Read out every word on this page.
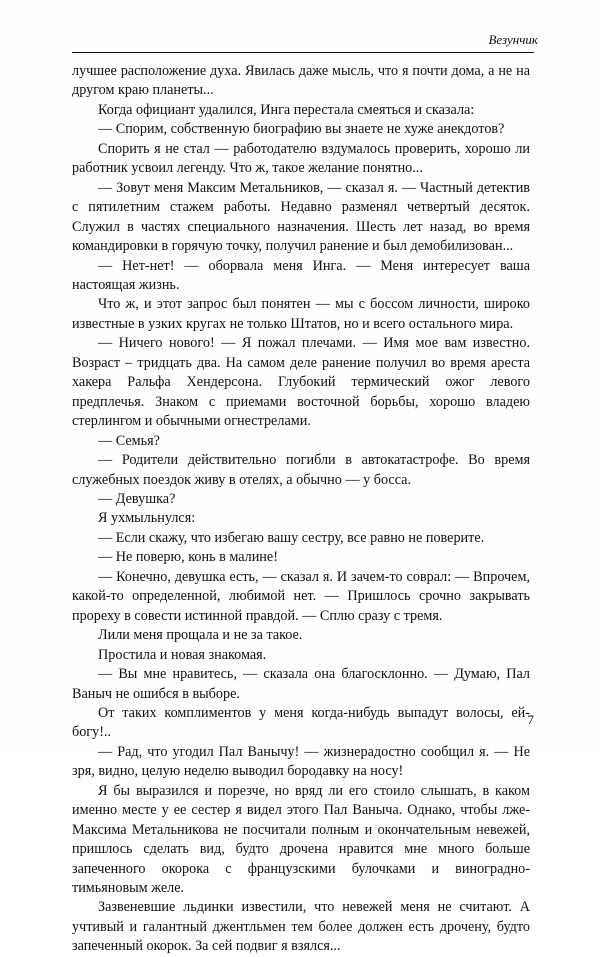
Везунчик

лучшее расположение духа. Явилась даже мысль, что я почти дома, а не на другом краю планеты...

Когда официант удалился, Инга перестала смеяться и сказала:

— Спорим, собственную биографию вы знаете не хуже анекдотов?

Спорить я не стал — работодателю вздумалось проверить, хорошо ли работник усвоил легенду. Что ж, такое желание понятно...

— Зовут меня Максим Метальников, — сказал я. — Частный детектив с пятилетним стажем работы. Недавно разменял четвертый десяток. Служил в частях специального назначения. Шесть лет назад, во время командировки в горячую точку, получил ранение и был демобилизован...

— Нет-нет! — оборвала меня Инга. — Меня интересует ваша настоящая жизнь.

Что ж, и этот запрос был понятен — мы с боссом личности, широко известные в узких кругах не только Штатов, но и всего остального мира.

— Ничего нового! — Я пожал плечами. — Имя мое вам известно. Возраст – тридцать два. На самом деле ранение получил во время ареста хакера Ральфа Хендерсона. Глубокий термический ожог левого предплечья. Знаком с приемами восточной борьбы, хорошо владею стерлингом и обычными огнестрелами.

— Семья?

— Родители действительно погибли в автокатастрофе. Во время служебных поездок живу в отелях, а обычно — у босса.

— Девушка?

Я ухмыльнулся:

— Если скажу, что избегаю вашу сестру, все равно не поверите.

— Не поверю, конь в малине!

— Конечно, девушка есть, — сказал я. И зачем-то соврал: — Впрочем, какой-то определенной, любимой нет. — Пришлось срочно закрывать прореху в совести истинной правдой. — Сплю сразу с тремя.

Лили меня прощала и не за такое.

Простила и новая знакомая.

— Вы мне нравитесь, — сказала она благосклонно. — Думаю, Пал Ваныч не ошибся в выборе.

От таких комплиментов у меня когда-нибудь выпадут волосы, ей-богу!..

— Рад, что угодил Пал Ванычу! — жизнерадостно сообщил я. — Не зря, видно, целую неделю выводил бородавку на носу!

Я бы выразился и порезче, но вряд ли его стоило слышать, в каком именно месте у ее сестер я видел этого Пал Ваныча. Однако, чтобы лже-Максима Метальникова не посчитали полным и окончательным невежей, пришлось сделать вид, будто дрочена нравится мне много больше запеченного окорока с французскими булочками и виноградно-тимьяновым желе.

Зазвеневшие льдинки известили, что невежей меня не считают. А учтивый и галантный джентльмен тем более должен есть дрочену, будто запеченный окорок. За сей подвиг я взялся...

7
